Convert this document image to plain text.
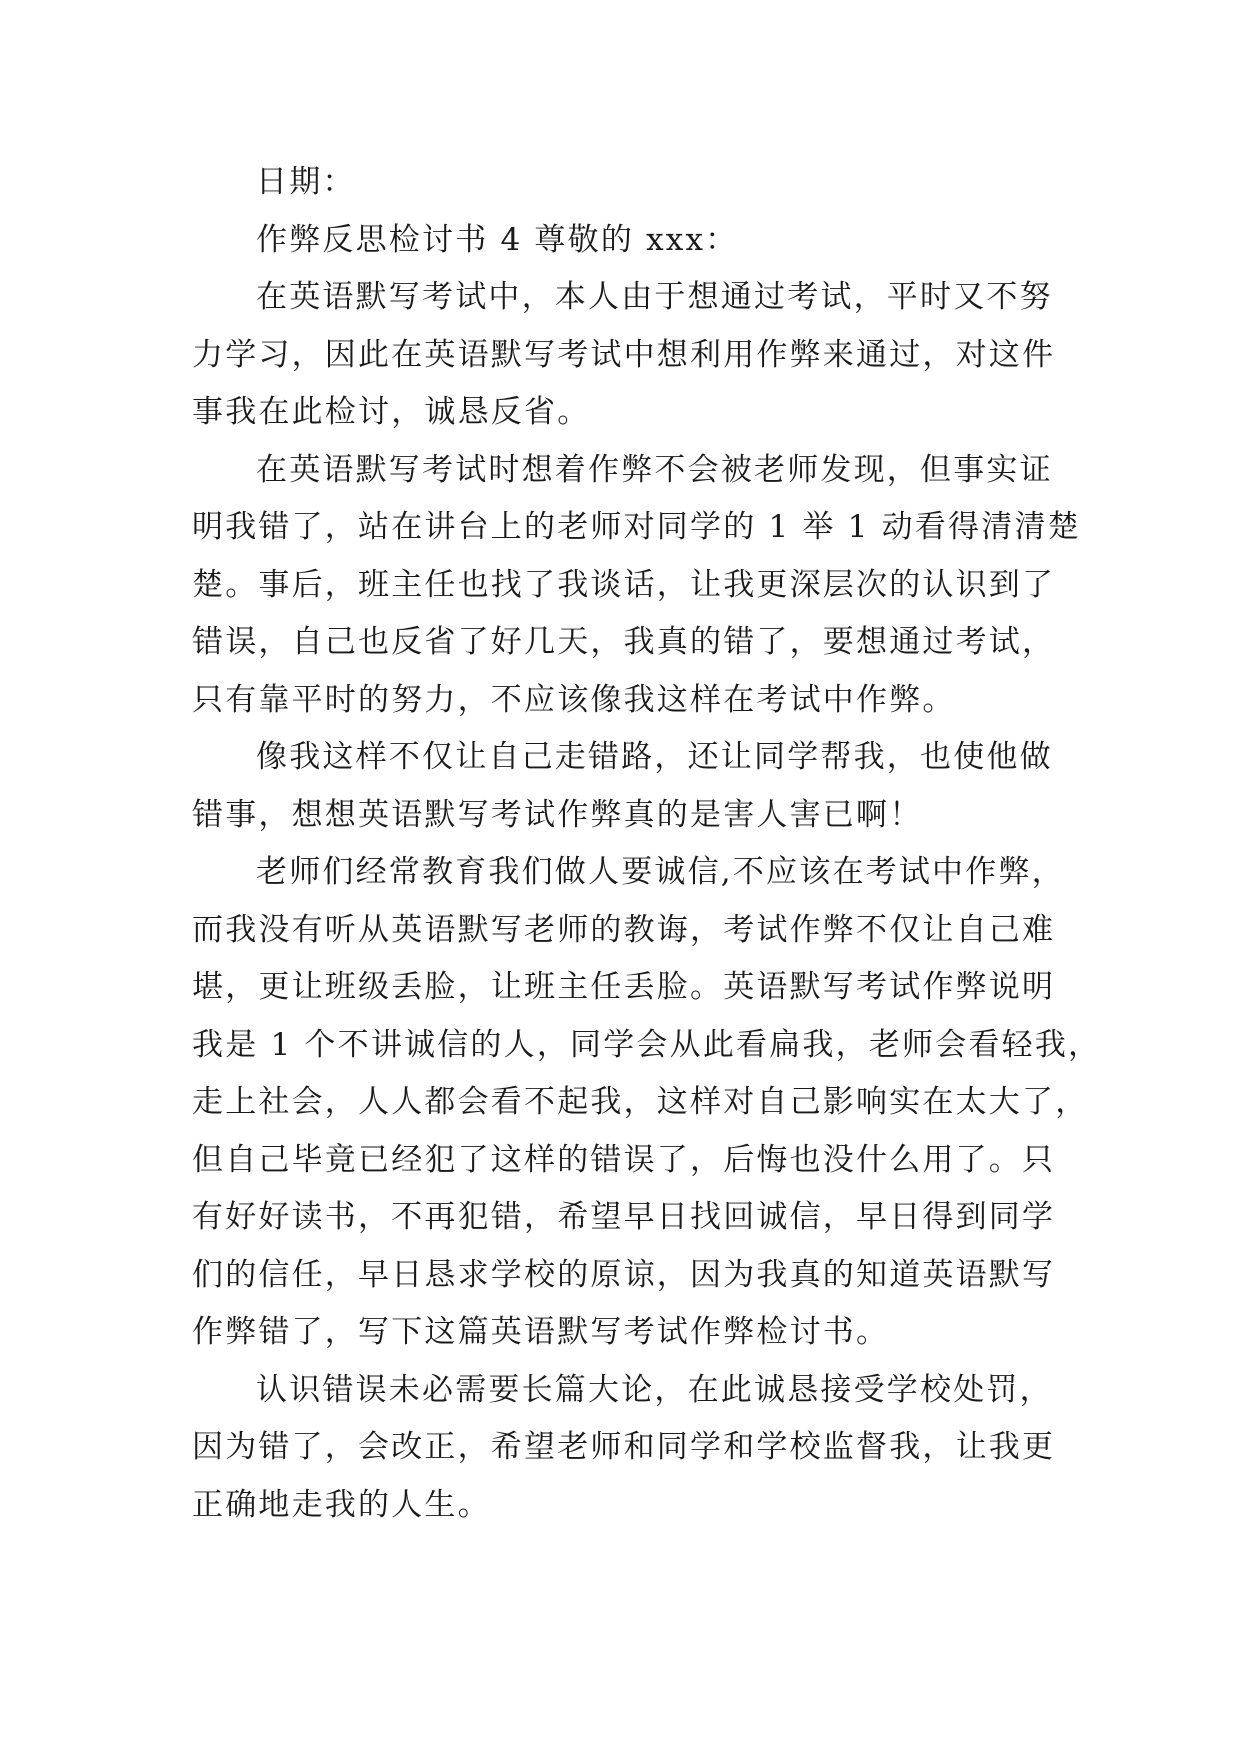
日期：
作弊反思检讨书 4 尊敬的 xxx：
在英语默写考试中，本人由于想通过考试，平时又不努
力学习，因此在英语默写考试中想利用作弊来通过，对这件
事我在此检讨，诚恳反省。
在英语默写考试时想着作弊不会被老师发现，但事实证
明我错了，站在讲台上的老师对同学的 1 举 1 动看得清清楚
楚。事后，班主任也找了我谈话，让我更深层次的认识到了
错误，自己也反省了好几天，我真的错了，要想通过考试，
只有靠平时的努力，不应该像我这样在考试中作弊。
像我这样不仅让自己走错路，还让同学帮我，也使他做
错事，想想英语默写考试作弊真的是害人害已啊！
老师们经常教育我们做人要诚信,不应该在考试中作弊，
而我没有听从英语默写老师的教诲，考试作弊不仅让自己难
堪，更让班级丢脸，让班主任丢脸。英语默写考试作弊说明
我是 1 个不讲诚信的人，同学会从此看扁我，老师会看轻我，
走上社会，人人都会看不起我，这样对自己影响实在太大了，
但自己毕竟已经犯了这样的错误了，后悔也没什么用了。只
有好好读书，不再犯错，希望早日找回诚信，早日得到同学
们的信任，早日恳求学校的原谅，因为我真的知道英语默写
作弊错了，写下这篇英语默写考试作弊检讨书。
认识错误未必需要长篇大论，在此诚恳接受学校处罚，
因为错了，会改正，希望老师和同学和学校监督我，让我更
正确地走我的人生。
